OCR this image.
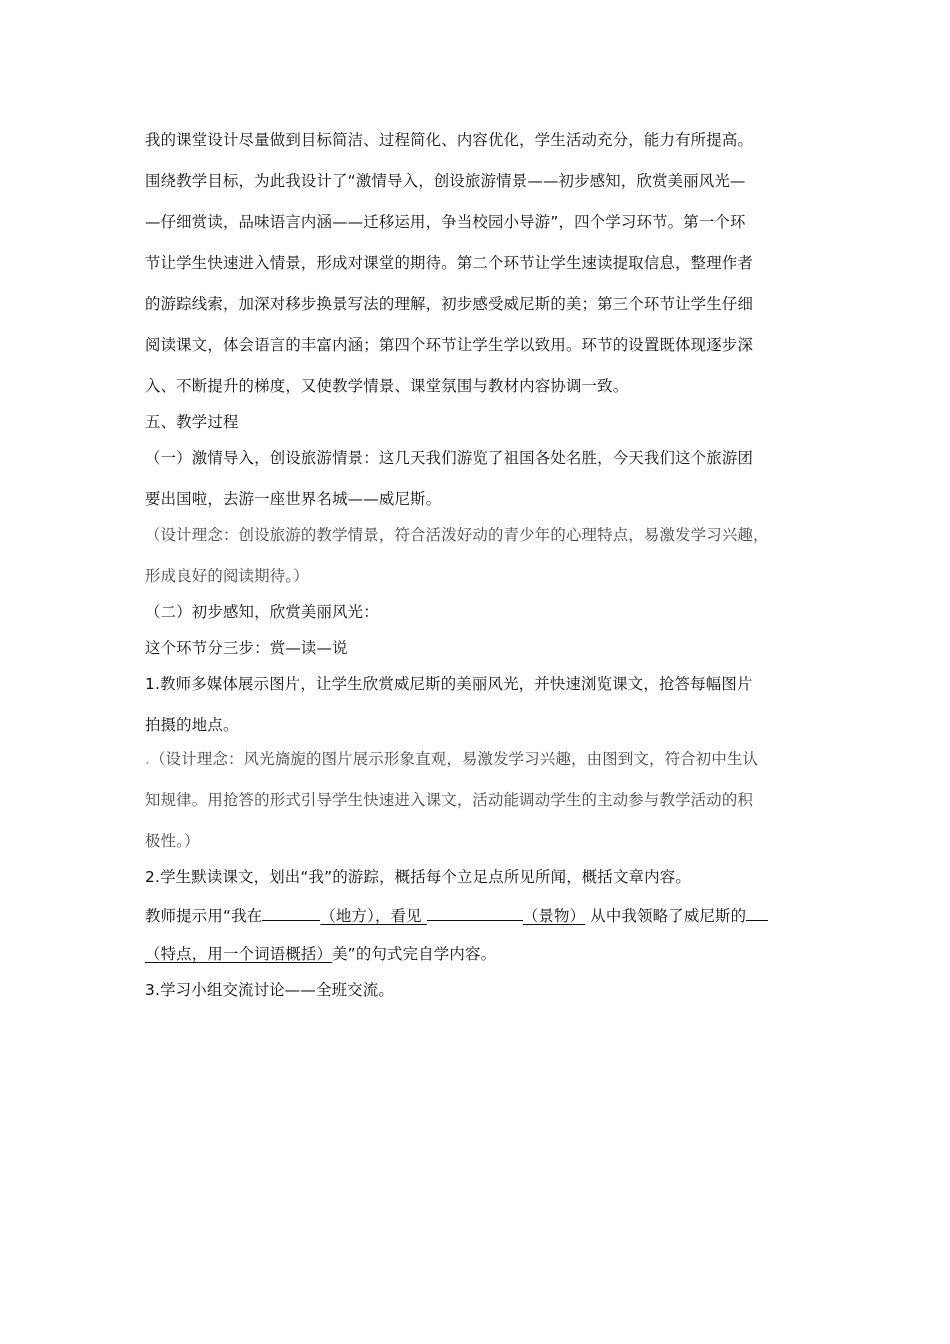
我的课堂设计尽量做到目标简洁、过程简化、内容优化，学生活动充分，能力有所提高。
围绕教学目标，为此我设计了“激情导入，创设旅游情景——初步感知，欣赏美丽风光—
—仔细赏读，品味语言内涵——迁移运用，争当校园小导游”，四个学习环节。第一个环
节让学生快速进入情景，形成对课堂的期待。第二个环节让学生速读提取信息，整理作者
的游踪线索，加深对移步换景写法的理解，初步感受威尼斯的美；第三个环节让学生仔细
阅读课文，体会语言的丰富内涵；第四个环节让学生学以致用。环节的设置既体现逐步深
入、不断提升的梯度，又使教学情景、课堂氛围与教材内容协调一致。
五、教学过程
（一）激情导入，创设旅游情景：这几天我们游览了祖国各处名胜，今天我们这个旅游团
要出国啦，去游一座世界名城——威尼斯。
（设计理念：创设旅游的教学情景，符合活泼好动的青少年的心理特点，易激发学习兴趣，
形成良好的阅读期待。）
（二）初步感知，欣赏美丽风光：
这个环节分三步：赏—读—说
1.教师多媒体展示图片，让学生欣赏威尼斯的美丽风光，并快速浏览课文，抢答每幅图片
拍摄的地点。
.（设计理念：风光旖旎的图片展示形象直观，易激发学习兴趣，由图到文，符合初中生认
知规律。用抢答的形式引导学生快速进入课文，活动能调动学生的主动参与教学活动的积
极性。）
2.学生默读课文，划出“我”的游踪，概括每个立足点所见所闻，概括文章内容。
教师提示用“我在	（地方），看见	（景物） 从中我领略了威尼斯的
（特点，用一个词语概括）美”的句式完自学内容。
3.学习小组交流讨论——全班交流。
